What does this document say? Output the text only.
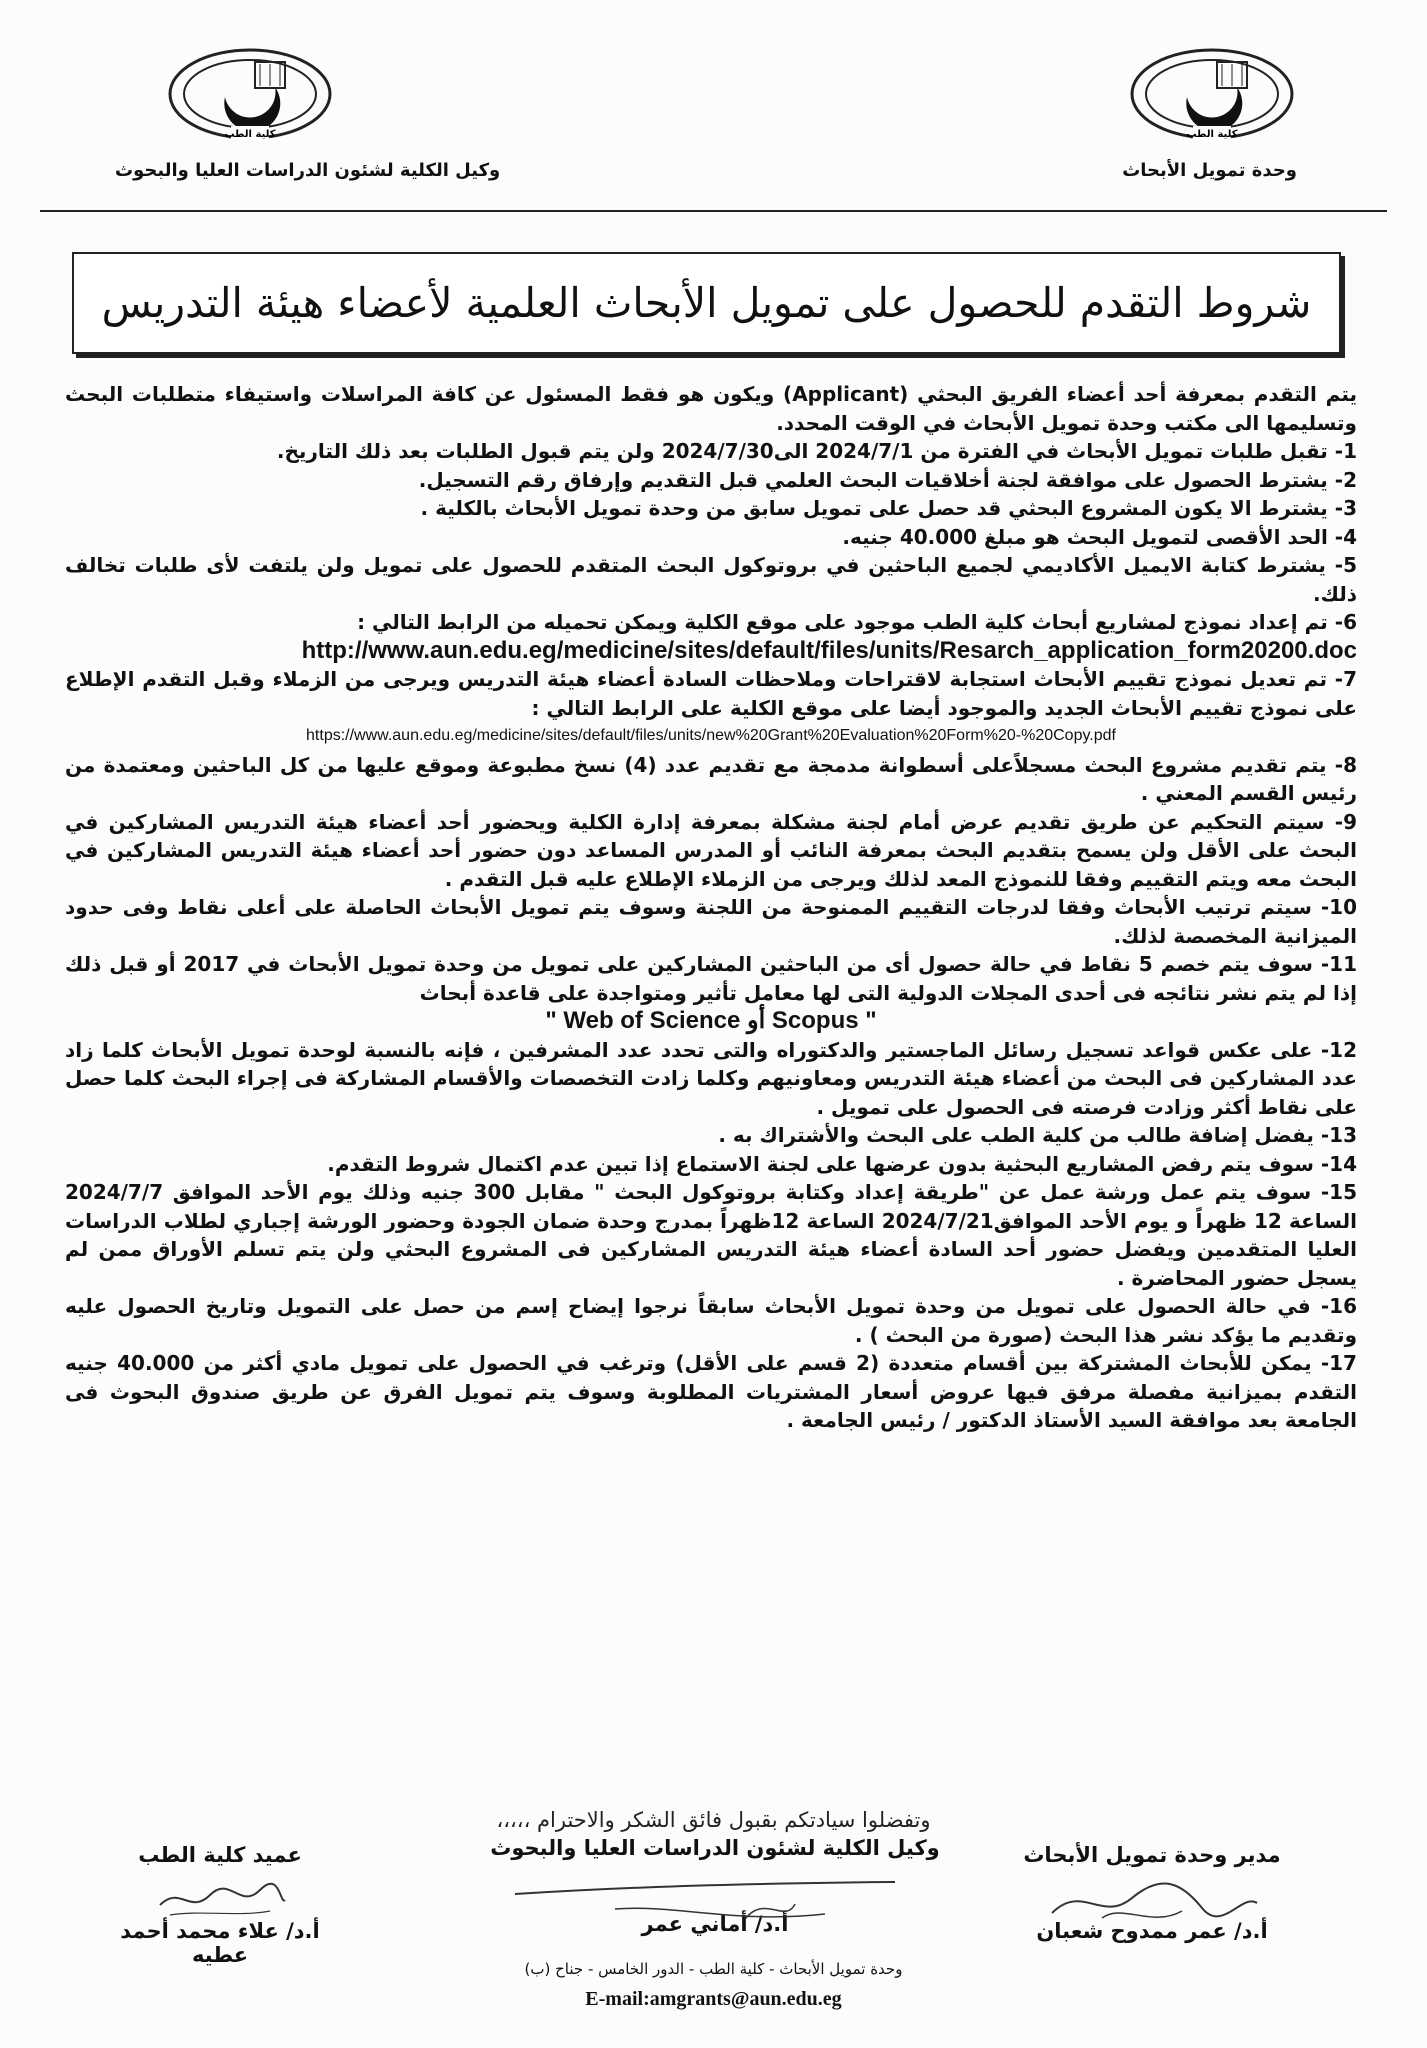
كلية الطب
كلية الطب
وحدة تمويل الأبحاث
وكيل الكلية لشئون الدراسات العليا والبحوث
شروط التقدم للحصول على تمويل الأبحاث العلمية لأعضاء هيئة التدريس

يتم التقدم بمعرفة أحد أعضاء الفريق البحثي (Applicant) ويكون هو فقط المسئول عن كافة المراسلات واستيفاء متطلبات البحث وتسليمها الى مكتب وحدة تمويل الأبحاث في الوقت المحدد.

1- تقبل طلبات تمويل الأبحاث في الفترة من 2024/7/1 الى2024/7/30 ولن يتم قبول الطلبات بعد ذلك التاريخ.

2- يشترط الحصول على موافقة لجنة أخلاقيات البحث العلمي قبل التقديم وإرفاق رقم التسجيل.

3- يشترط الا يكون المشروع البحثي قد حصل على تمويل سابق من وحدة تمويل الأبحاث بالكلية .

4- الحد الأقصى لتمويل البحث هو مبلغ 40.000 جنيه.

5- يشترط كتابة الايميل الأكاديمي لجميع الباحثين في بروتوكول البحث المتقدم للحصول على تمويل ولن يلتفت لأى طلبات تخالف ذلك.

6- تم إعداد نموذج لمشاريع أبحاث كلية الطب موجود على موقع الكلية ويمكن تحميله من الرابط التالي :

http://www.aun.edu.eg/medicine/sites/default/files/units/Resarch_application_form20200.doc

7- تم تعديل نموذج تقييم الأبحاث استجابة لاقتراحات وملاحظات السادة أعضاء هيئة التدريس ويرجى من الزملاء وقبل التقدم الإطلاع على نموذج تقييم الأبحاث الجديد والموجود أيضا على موقع الكلية على الرابط التالي :

https://www.aun.edu.eg/medicine/sites/default/files/units/new%20Grant%20Evaluation%20Form%20-%20Copy.pdf

8- يتم تقديم مشروع البحث مسجلاًعلى أسطوانة مدمجة مع تقديم عدد (4) نسخ مطبوعة وموقع عليها من كل الباحثين ومعتمدة من رئيس القسم المعني .

9- سيتم التحكيم عن طريق تقديم عرض أمام لجنة مشكلة بمعرفة إدارة الكلية ويحضور أحد أعضاء هيئة التدريس المشاركين في البحث على الأقل ولن يسمح بتقديم البحث بمعرفة النائب أو المدرس المساعد دون حضور أحد أعضاء هيئة التدريس المشاركين في البحث معه ويتم التقييم وفقا للنموذج المعد لذلك ويرجى من الزملاء الإطلاع عليه قبل التقدم .

10- سيتم ترتيب الأبحاث وفقا لدرجات التقييم الممنوحة من اللجنة وسوف يتم تمويل الأبحاث الحاصلة على أعلى نقاط وفى حدود الميزانية المخصصة لذلك.

11- سوف يتم خصم 5 نقاط في حالة حصول أى من الباحثين المشاركين على تمويل من وحدة تمويل الأبحاث في 2017 أو قبل ذلك إذا لم يتم نشر نتائجه فى أحدى المجلات الدولية التى لها معامل تأثير ومتواجدة على قاعدة أبحاث

" Web of Science أو Scopus "

12- على عكس قواعد تسجيل رسائل الماجستير والدكتوراه والتى تحدد عدد المشرفين ، فإنه بالنسبة لوحدة تمويل الأبحاث كلما زاد عدد المشاركين فى البحث من أعضاء هيئة التدريس ومعاونيهم وكلما زادت التخصصات والأقسام المشاركة فى إجراء البحث كلما حصل على نقاط أكثر وزادت فرصته فى الحصول على تمويل .

13- يفضل إضافة طالب من كلية الطب على البحث والأشتراك به .

14- سوف يتم رفض المشاريع البحثية بدون عرضها على لجنة الاستماع إذا تبين عدم اكتمال شروط التقدم.

15- سوف يتم عمل ورشة عمل عن "طريقة إعداد وكتابة بروتوكول البحث " مقابل 300 جنيه وذلك يوم الأحد الموافق 2024/7/7 الساعة 12 ظهراً و يوم الأحد الموافق2024/7/21 الساعة 12ظهراً بمدرج وحدة ضمان الجودة وحضور الورشة إجباري لطلاب الدراسات العليا المتقدمين ويفضل حضور أحد السادة أعضاء هيئة التدريس المشاركين فى المشروع البحثي ولن يتم تسلم الأوراق ممن لم يسجل حضور المحاضرة .

16- في حالة الحصول على تمويل من وحدة تمويل الأبحاث سابقاً نرجوا إيضاح إسم من حصل على التمويل وتاريخ الحصول عليه وتقديم ما يؤكد نشر هذا البحث (صورة من البحث ) .

17- يمكن للأبحاث المشتركة بين أقسام متعددة (2 قسم على الأقل) وترغب في الحصول على تمويل مادي أكثر من 40.000 جنيه التقدم بميزانية مفصلة مرفق فيها عروض أسعار المشتريات المطلوبة وسوف يتم تمويل الفرق عن طريق صندوق البحوث فى الجامعة بعد موافقة السيد الأستاذ الدكتور / رئيس الجامعة .

وتفضلوا سيادتكم بقبول فائق الشكر والاحترام ،،،،،
مدير وحدة تمويل الأبحاث
أ.د/ عمر ممدوح شعبان
وكيل الكلية لشئون الدراسات العليا والبحوث
أ.د/ أماني عمر
عميد كلية الطب
أ.د/ علاء محمد أحمد عطيه
وحدة تمويل الأبحاث - كلية الطب - الدور الخامس - جناح (ب)
E-mail:amgrants@aun.edu.eg
